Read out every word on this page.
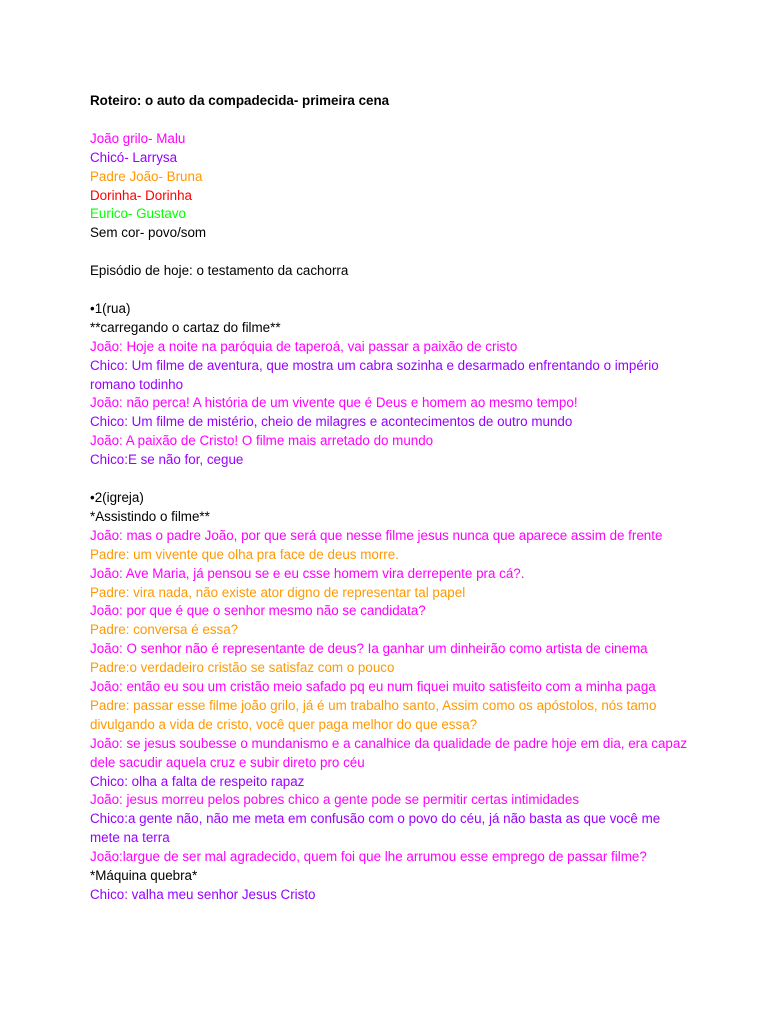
Roteiro: o auto da compadecida- primeira cena

João grilo- Malu

Chicó- Larrysa

Padre João- Bruna

Dorinha- Dorinha

Eurico- Gustavo

Sem cor- povo/som

Episódio de hoje: o testamento da cachorra

•1(rua)

**carregando o cartaz do filme**

João: Hoje a noite na paróquia de taperoá, vai passar a paixão de cristo

Chico: Um filme de aventura, que mostra um cabra sozinha e desarmado enfrentando o império romano todinho

João: não perca! A história de um vivente que é Deus e homem ao mesmo tempo!

Chico: Um filme de mistério, cheio de milagres e acontecimentos de outro mundo

João: A paixão de Cristo! O filme mais arretado do mundo

Chico:E se não for, cegue

•2(igreja)

*Assistindo o filme**

João: mas o padre João, por que será que nesse filme jesus nunca que aparece assim de frente

Padre: um vivente que olha pra face de deus morre.

João: Ave Maria, já pensou se e eu csse homem vira derrepente pra cá?.

Padre: vira nada, não existe ator digno de representar tal papel

João: por que é que o senhor mesmo não se candidata?

Padre: conversa é essa?

João: O senhor não é representante de deus? Ia ganhar um dinheirão como artista de cinema

Padre:o verdadeiro cristão se satisfaz com o pouco

João: então eu sou um cristão meio safado pq eu num fiquei muito satisfeito com a minha paga

Padre: passar esse filme joão grilo, já é um trabalho santo, Assim como os apóstolos, nós tamo divulgando a vida de cristo, você quer paga melhor do que essa?

João: se jesus soubesse o mundanismo e a canalhice da qualidade de padre hoje em dia, era capaz dele sacudir aquela cruz e subir direto pro céu

Chico: olha a falta de respeito rapaz

João: jesus morreu pelos pobres chico a gente pode se permitir certas intimidades

Chico:a gente não, não me meta em confusão com o povo do céu, já não basta as que você me mete na terra

João:largue de ser mal agradecido, quem foi que lhe arrumou esse emprego de passar filme?

*Máquina quebra*

Chico: valha meu senhor Jesus Cristo
